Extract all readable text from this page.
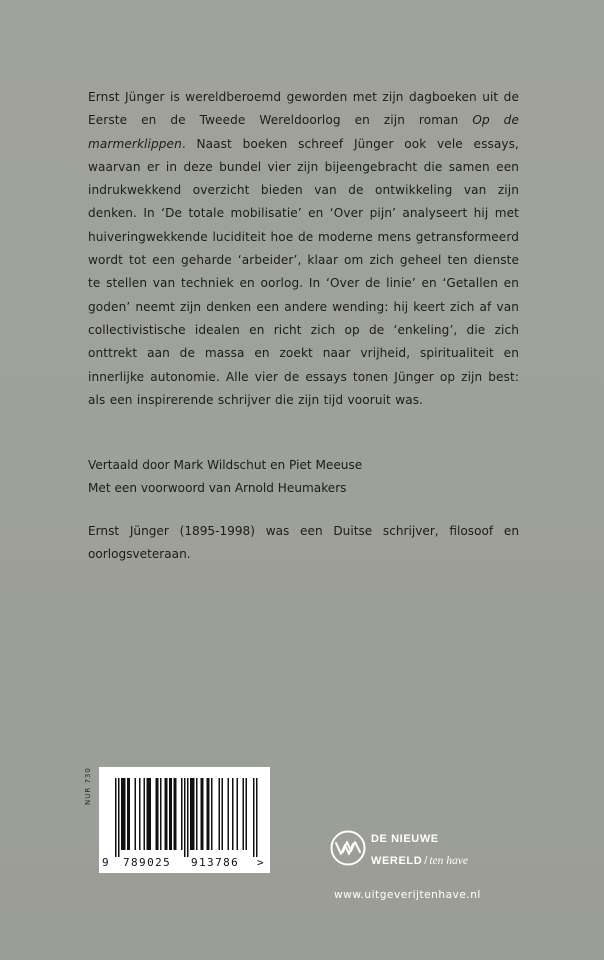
Ernst Jünger is wereldberoemd geworden met zijn dagboeken uit de Eerste en de Tweede Wereldoorlog en zijn roman Op de marmerklippen. Naast boeken schreef Jünger ook vele essays, waarvan er in deze bundel vier zijn bijeengebracht die samen een indrukwekkend overzicht bieden van de ontwikkeling van zijn denken. In ‘De totale mobilisatie’ en ‘Over pijn’ analyseert hij met huiveringwekkende luciditeit hoe de moderne mens getransformeerd wordt tot een geharde ‘arbeider’, klaar om zich geheel ten dienste te stellen van techniek en oorlog. In ‘Over de linie’ en ‘Getallen en goden’ neemt zijn denken een andere wending: hij keert zich af van collectivistische idealen en richt zich op de ‘enkeling’, die zich onttrekt aan de massa en zoekt naar vrijheid, spiritualiteit en innerlijke autonomie. Alle vier de essays tonen Jünger op zijn best: als een inspirerende schrijver die zijn tijd vooruit was.

Vertaald door Mark Wildschut en Piet Meeuse
Met een voorwoord van Arnold Heumakers

Ernst Jünger (1895-1998) was een Duitse schrijver, filosoof en oorlogsveteraan.

NUR 730
9 789025 913786 >
DE NIEUWE
WERELD / ten have
www.uitgeverijtenhave.nl
